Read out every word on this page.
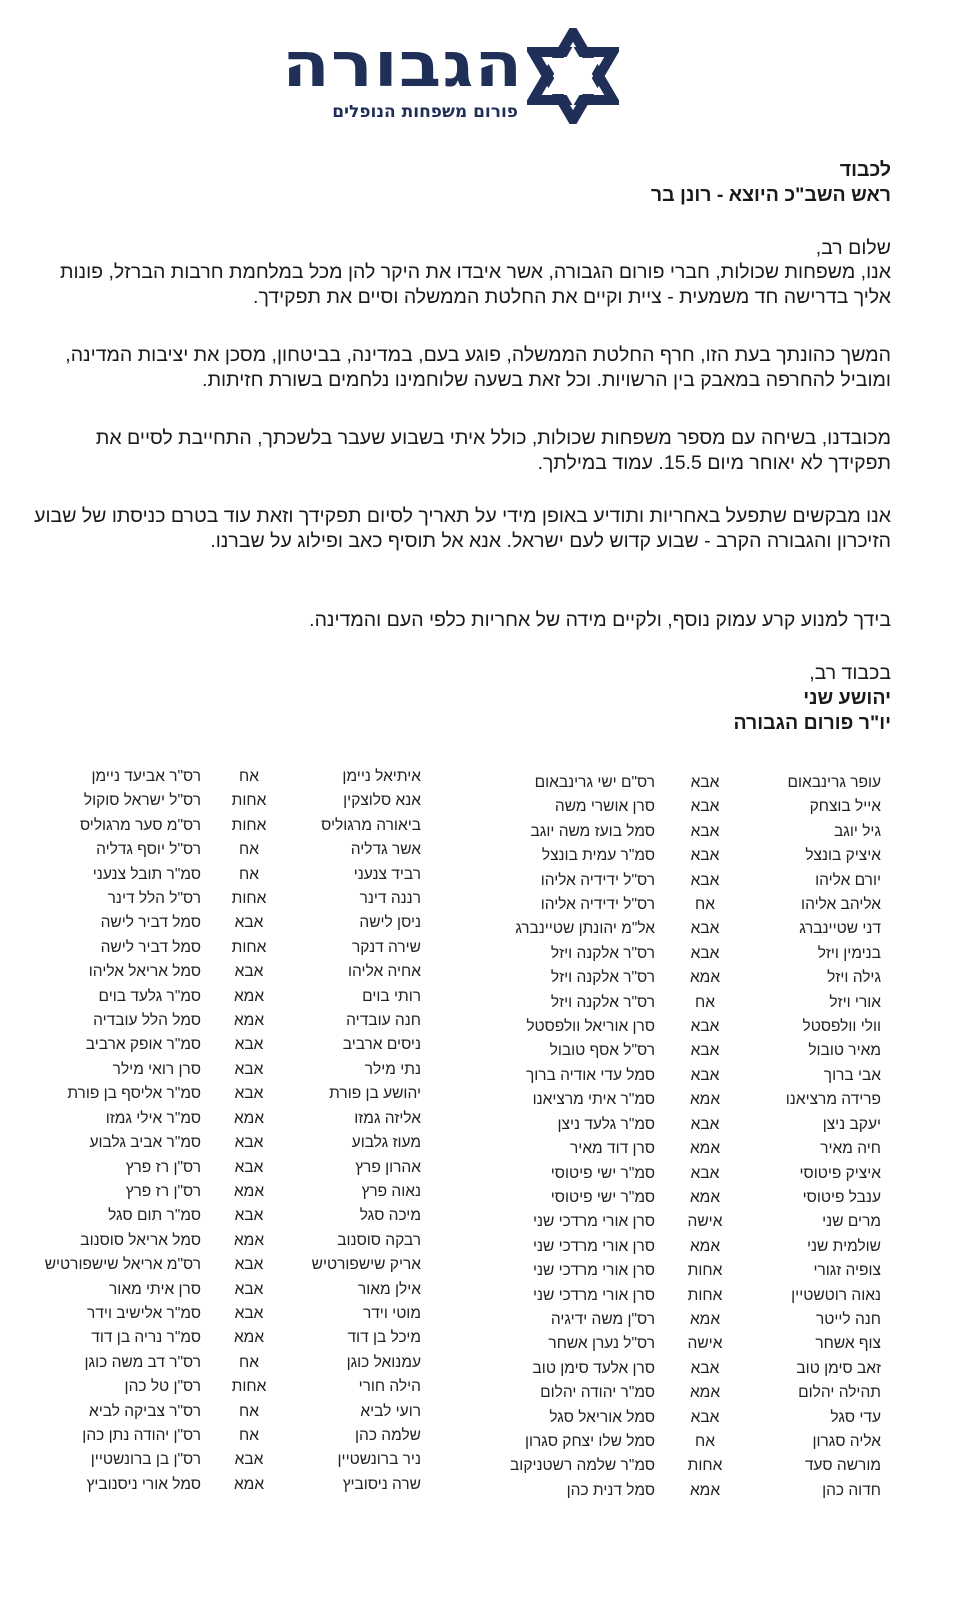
הגבורה
פורום משפחות הנופלים

לכבוד

ראש השב"כ היוצא - רונן בר

שלום רב,

אנו, משפחות שכולות, חברי פורום הגבורה, אשר איבדו את היקר להן מכל במלחמת חרבות הברזל, פונות אליך בדרישה חד משמעית - ציית וקיים את החלטת הממשלה וסיים את תפקידך.

המשך כהונתך בעת הזו, חרף החלטת הממשלה, פוגע בעם, במדינה, בביטחון, מסכן את יציבות המדינה, ומוביל להחרפה במאבק בין הרשויות. וכל זאת בשעה שלוחמינו נלחמים בשורת חזיתות.

מכובדנו, בשיחה עם מספר משפחות שכולות, כולל איתי בשבוע שעבר בלשכתך, התחייבת לסיים את תפקידך לא יאוחר מיום 15.5. עמוד במילתך.

אנו מבקשים שתפעל באחריות ותודיע באופן מידי על תאריך לסיום תפקידך וזאת עוד בטרם כניסתו של שבוע הזיכרון והגבורה הקרב - שבוע קדוש לעם ישראל. אנא אל תוסיף כאב ופילוג על שברנו.

בידך למנוע קרע עמוק נוסף, ולקיים מידה של אחריות כלפי העם והמדינה.

בכבוד רב,

יהושע שני

יו"ר פורום הגבורה

עופר גרינבאום	אבא	רס"ם ישי גרינבאום
אייל בוצחק	אבא	סרן אושרי משה
גיל יוגב	אבא	סמל בועז משה יוגב
איציק בונצל	אבא	סמ"ר עמית בונצל
יורם אליהו	אבא	רס"ל ידידיה אליהו
אליהב אליהו	אח	רס"ל ידידיה אליהו
דני שטיינברג	אבא	אל"מ יהונתן שטיינברג
בנימין ויזל	אבא	רס"ר אלקנה ויזל
גילה ויזל	אמא	רס"ר אלקנה ויזל
אורי ויזל	אח	רס"ר אלקנה ויזל
וולי וולפסטל	אבא	סרן אוריאל וולפסטל
מאיר טובול	אבא	רס"ל אסף טובול
אבי ברוך	אבא	סמל עדי אודיה ברוך
פרידה מרציאנו	אמא	סמ"ר איתי מרציאנו
יעקב ניצן	אבא	סמ"ר גלעד ניצן
חיה מאיר	אמא	סרן דוד מאיר
איציק פיטוסי	אבא	סמ"ר ישי פיטוסי
ענבל פיטוסי	אמא	סמ"ר ישי פיטוסי
מרים שני	אישה	סרן אורי מרדכי שני
שולמית שני	אמא	סרן אורי מרדכי שני
צופיה זגורי	אחות	סרן אורי מרדכי שני
נאוה רוטשטיין	אחות	סרן אורי מרדכי שני
חנה לייטר	אמא	רס"ן משה ידיגיה
צוף אשחר	אישה	רס"ל נערן אשחר
זאב סימן טוב	אבא	סרן אלעד סימן טוב
תהילה יהלום	אמא	סמ"ר יהודה יהלום
עדי סגל	אבא	סמל אוריאל סגל
אליה סגרון	אח	סמל שלו יצחק סגרון
מורשה סעד	אחות	סמ"ר שלמה רשטניקוב
חדוה כהן	אמא	סמל דנית כהן
איתיאל ניימן	אח	רס"ר אביעד ניימן
אנא סלוצקין	אחות	רס"ל ישראל סוקול
ביאורה מרגוליס	אחות	רס"מ סער מרגוליס
אשר גדליה	אח	רס"ל יוסף גדליה
רביד צנעני	אח	סמ"ר תובל צנעני
רננה דינר	אחות	רס"ל הלל דינר
ניסן לישה	אבא	סמל דביר לישה
שירה דנקר	אחות	סמל דביר לישה
אחיה אליהו	אבא	סמל אריאל אליהו
רותי בוים	אמא	סמ"ר גלעד בוים
חנה עובדיה	אמא	סמל הלל עובדיה
ניסים ארביב	אבא	סמ"ר אופק ארביב
נתי מילר	אבא	סרן רואי מילר
יהושע בן פורת	אבא	סמ"ר אליסף בן פורת
אליזה גמזו	אמא	סמ"ר אילי גמזו
מעוז גלבוע	אבא	סמ"ר אביב גלבוע
אהרון פרץ	אבא	רס"ן רז פרץ
נאוה פרץ	אמא	רס"ן רז פרץ
מיכה סגל	אבא	סמ"ר תום סגל
רבקה סוסנוב	אמא	סמל אריאל סוסנוב
אריק שישפורטיש	אבא	רס"מ אריאל שישפורטיש
אילן מאור	אבא	סרן איתי מאור
מוטי וידר	אבא	סמ"ר אלישיב וידר
מיכל בן דוד	אמא	סמ"ר נריה בן דוד
עמנואל כוגן	אח	רס"ר דב משה כוגן
הילה חורי	אחות	רס"ן טל כהן
רועי לביא	אח	רס"ר צביקה לביא
שלמה כהן	אח	רס"ן יהודה נתן כהן
ניר ברונשטיין	אבא	רס"ן בן ברונשטיין
שרה ניסוביץ	אמא	סמל אורי ניסנוביץ
